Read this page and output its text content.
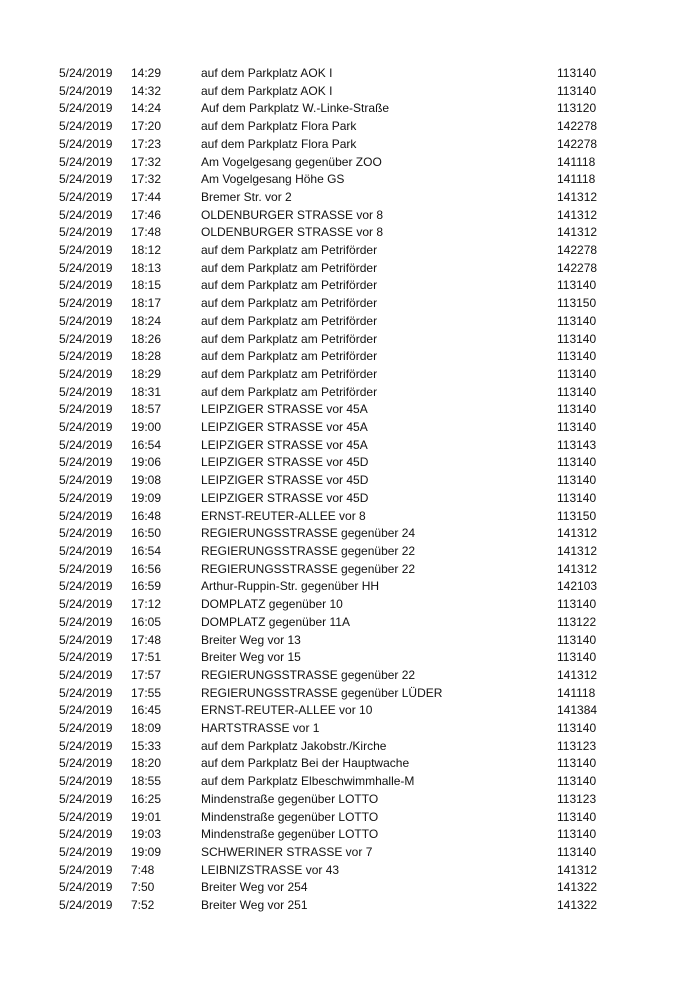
5/24/2019	14:29	auf dem Parkplatz AOK I	113140
5/24/2019	14:32	auf dem Parkplatz AOK I	113140
5/24/2019	14:24	Auf dem Parkplatz W.-Linke-Straße	113120
5/24/2019	17:20	auf dem Parkplatz Flora Park	142278
5/24/2019	17:23	auf dem Parkplatz Flora Park	142278
5/24/2019	17:32	Am Vogelgesang gegenüber ZOO	141118
5/24/2019	17:32	Am Vogelgesang Höhe GS	141118
5/24/2019	17:44	Bremer Str. vor 2	141312
5/24/2019	17:46	OLDENBURGER STRASSE vor 8	141312
5/24/2019	17:48	OLDENBURGER STRASSE vor 8	141312
5/24/2019	18:12	auf dem Parkplatz am Petriförder	142278
5/24/2019	18:13	auf dem Parkplatz am Petriförder	142278
5/24/2019	18:15	auf dem Parkplatz am Petriförder	113140
5/24/2019	18:17	auf dem Parkplatz am Petriförder	113150
5/24/2019	18:24	auf dem Parkplatz am Petriförder	113140
5/24/2019	18:26	auf dem Parkplatz am Petriförder	113140
5/24/2019	18:28	auf dem Parkplatz am Petriförder	113140
5/24/2019	18:29	auf dem Parkplatz am Petriförder	113140
5/24/2019	18:31	auf dem Parkplatz am Petriförder	113140
5/24/2019	18:57	LEIPZIGER STRASSE vor 45A	113140
5/24/2019	19:00	LEIPZIGER STRASSE vor 45A	113140
5/24/2019	16:54	LEIPZIGER STRASSE vor 45A	113143
5/24/2019	19:06	LEIPZIGER STRASSE vor 45D	113140
5/24/2019	19:08	LEIPZIGER STRASSE vor 45D	113140
5/24/2019	19:09	LEIPZIGER STRASSE vor 45D	113140
5/24/2019	16:48	ERNST-REUTER-ALLEE vor 8	113150
5/24/2019	16:50	REGIERUNGSSTRASSE gegenüber 24	141312
5/24/2019	16:54	REGIERUNGSSTRASSE gegenüber 22	141312
5/24/2019	16:56	REGIERUNGSSTRASSE gegenüber 22	141312
5/24/2019	16:59	Arthur-Ruppin-Str. gegenüber HH	142103
5/24/2019	17:12	DOMPLATZ gegenüber 10	113140
5/24/2019	16:05	DOMPLATZ gegenüber 11A	113122
5/24/2019	17:48	Breiter Weg vor 13	113140
5/24/2019	17:51	Breiter Weg vor 15	113140
5/24/2019	17:57	REGIERUNGSSTRASSE gegenüber 22	141312
5/24/2019	17:55	REGIERUNGSSTRASSE gegenüber LÜDER	141118
5/24/2019	16:45	ERNST-REUTER-ALLEE vor 10	141384
5/24/2019	18:09	HARTSTRASSE vor 1	113140
5/24/2019	15:33	auf dem Parkplatz Jakobstr./Kirche	113123
5/24/2019	18:20	auf dem Parkplatz Bei der Hauptwache	113140
5/24/2019	18:55	auf dem Parkplatz Elbeschwimmhalle-M	113140
5/24/2019	16:25	Mindenstraße gegenüber LOTTO	113123
5/24/2019	19:01	Mindenstraße gegenüber LOTTO	113140
5/24/2019	19:03	Mindenstraße gegenüber LOTTO	113140
5/24/2019	19:09	SCHWERINER STRASSE vor 7	113140
5/24/2019	7:48	LEIBNIZSTRASSE vor 43	141312
5/24/2019	7:50	Breiter Weg vor 254	141322
5/24/2019	7:52	Breiter Weg vor 251	141322
